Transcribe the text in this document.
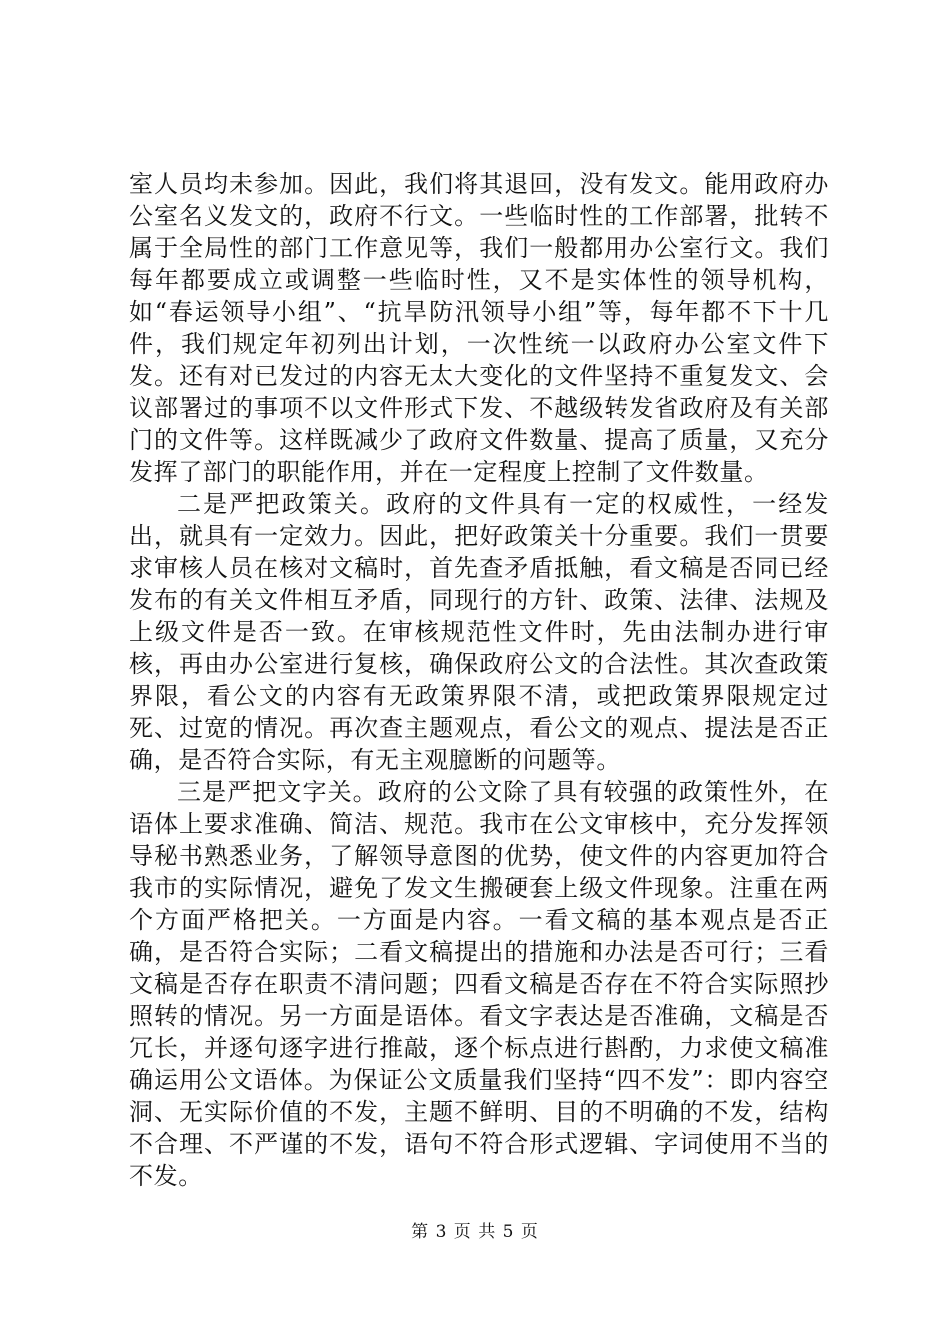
室人员均未参加。因此，我们将其退回，没有发文。能用政府办公室名义发文的，政府不行文。一些临时性的工作部署，批转不属于全局性的部门工作意见等，我们一般都用办公室行文。我们每年都要成立或调整一些临时性，又不是实体性的领导机构，如“春运领导小组”、“抗旱防汛领导小组”等，每年都不下十几件，我们规定年初列出计划，一次性统一以政府办公室文件下发。还有对已发过的内容无太大变化的文件坚持不重复发文、会议部署过的事项不以文件形式下发、不越级转发省政府及有关部门的文件等。这样既减少了政府文件数量、提高了质量，又充分发挥了部门的职能作用，并在一定程度上控制了文件数量。

二是严把政策关。政府的文件具有一定的权威性，一经发出，就具有一定效力。因此，把好政策关十分重要。我们一贯要求审核人员在核对文稿时，首先查矛盾抵触，看文稿是否同已经发布的有关文件相互矛盾，同现行的方针、政策、法律、法规及上级文件是否一致。在审核规范性文件时，先由法制办进行审核，再由办公室进行复核，确保政府公文的合法性。其次查政策界限，看公文的内容有无政策界限不清，或把政策界限规定过死、过宽的情况。再次查主题观点，看公文的观点、提法是否正确，是否符合实际，有无主观臆断的问题等。

三是严把文字关。政府的公文除了具有较强的政策性外，在语体上要求准确、简洁、规范。我市在公文审核中，充分发挥领导秘书熟悉业务，了解领导意图的优势，使文件的内容更加符合我市的实际情况，避免了发文生搬硬套上级文件现象。注重在两个方面严格把关。一方面是内容。一看文稿的基本观点是否正确，是否符合实际；二看文稿提出的措施和办法是否可行；三看文稿是否存在职责不清问题；四看文稿是否存在不符合实际照抄照转的情况。另一方面是语体。看文字表达是否准确，文稿是否冗长，并逐句逐字进行推敲，逐个标点进行斟酌，力求使文稿准确运用公文语体。为保证公文质量我们坚持“四不发”：即内容空洞、无实际价值的不发，主题不鲜明、目的不明确的不发，结构不合理、不严谨的不发，语句不符合形式逻辑、字词使用不当的不发。

第 3 页 共 5 页
